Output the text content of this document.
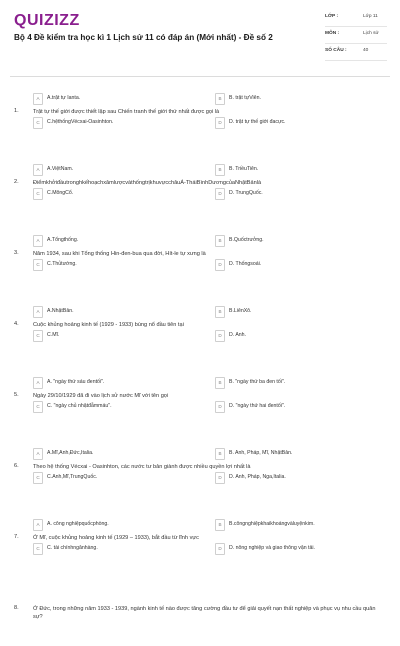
QUIZIZZ
Bộ 4 Đề kiểm tra học kì 1 Lịch sử 11 có đáp án (Mới nhất) - Đề số 2
LỚP :	Lớp 11
MÔN :	Lịch sử
SỐ CÂU :	40
1.	Trật tự thế giới được thiết lập sau Chiến tranh thế giới thứ nhất được gọi là
A	A.trật tự Ianta.	B	B. trật tựViên.
C	C.hệthốngVécxai-Oasinhton.	D	D. trật tự thế giới đacực.
2.	ĐiểmkhởiđầutronghkếhoạchxâmlượcvàthốngtrịkhuvựcchâuÁ-TháiBìnhDươngcủaNhậtBảnlà
A	A.ViệtNam.	B	B. TriềuTiên.
C	C.MôngCổ.	D	D. TrungQuốc.
3.	Năm 1934, sau khi Tổng thống Hin-đen-bua qua đời, Hít-le tự xưng là
A	A.Tổngthống.	B	B.Quốctrưởng.
C	C.Thủtướng.	D	D. Thốngsoái.
4.	Cuộc khủng hoảng kinh tế (1929 - 1933) bùng nổ đầu tiên tại
A	A.NhậtBản.	B	B.LiênXô.
C	C.Mĩ.	D	D. Anh.
5.	Ngày 29/10/1929 đã đi vào lịch sử nước Mĩ với tên gọi
A	A. "ngày thứ sáu đentối".	B	B. "ngày thứ ba đen tối".
C	C. "ngày chủ nhậtđẫmmáu".	D	D. "ngày thứ hai đentối".
6.	Theo hệ thống Vécxai - Oasinhton, các nước tư bản giành được nhiều quyền lợi nhất là
A	A.Mĩ,Anh,Đức,Italia.	B	B. Anh, Pháp, Mĩ, NhậtBản.
C	C.Anh,Mĩ,TrungQuốc.	D	D. Anh, Pháp, Nga,Italia.
7.	Ở Mĩ, cuộc khủng hoảng kinh tế (1929 – 1933), bắt đầu từ lĩnh vực
A	A. công nghiệpquốcphòng.	B	B.côngnghiệpkhaikhoángvàluyệnkim.
C	C. tài chínhngânhàng.	D	D. nông nghiệp và giao thông vận tải.
8.	Ở Đức, trong những năm 1933 - 1939, ngành kinh tế nào được tăng cường đầu tư để giải quyết nạn thất nghiệp và phục vụ nhu cầu quân sự?
